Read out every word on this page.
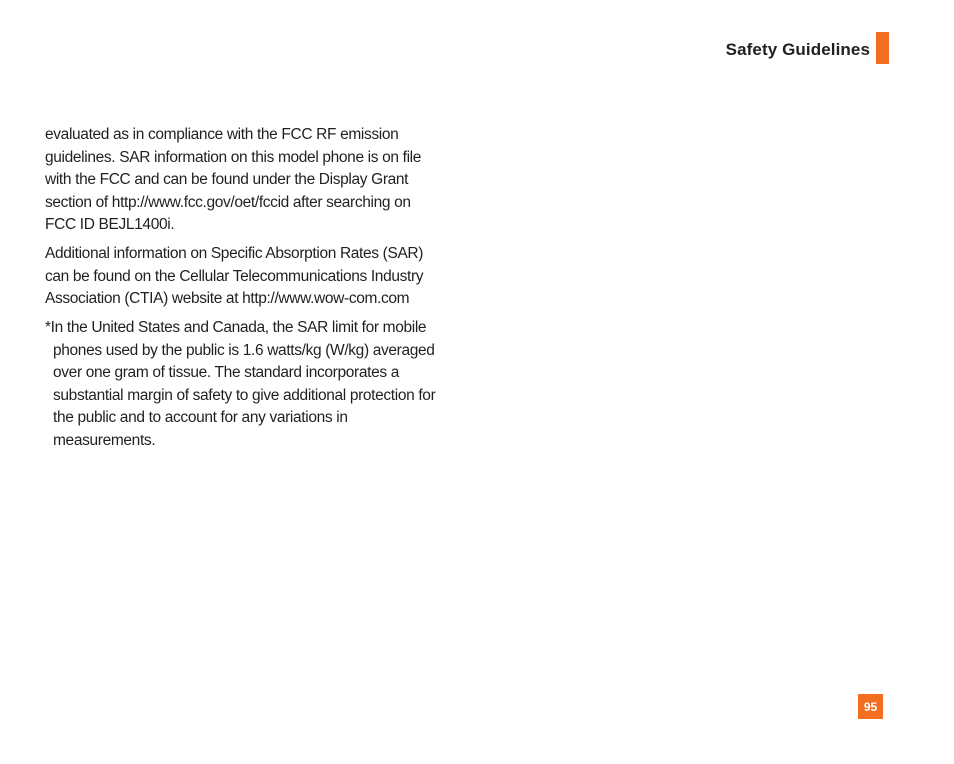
Safety Guidelines

evaluated as in compliance with the FCC RF emission guidelines. SAR information on this model phone is on file with the FCC and can be found under the Display Grant section of http://www.fcc.gov/oet/fccid after searching on FCC ID BEJL1400i.

Additional information on Specific Absorption Rates (SAR) can be found on the Cellular Telecommunications Industry Association (CTIA) website at http://www.wow-com.com

*In the United States and Canada, the SAR limit for mobile phones used by the public is 1.6 watts/kg (W/kg) averaged over one gram of tissue. The standard incorporates a substantial margin of safety to give additional protection for the public and to account for any variations in measurements.

95
